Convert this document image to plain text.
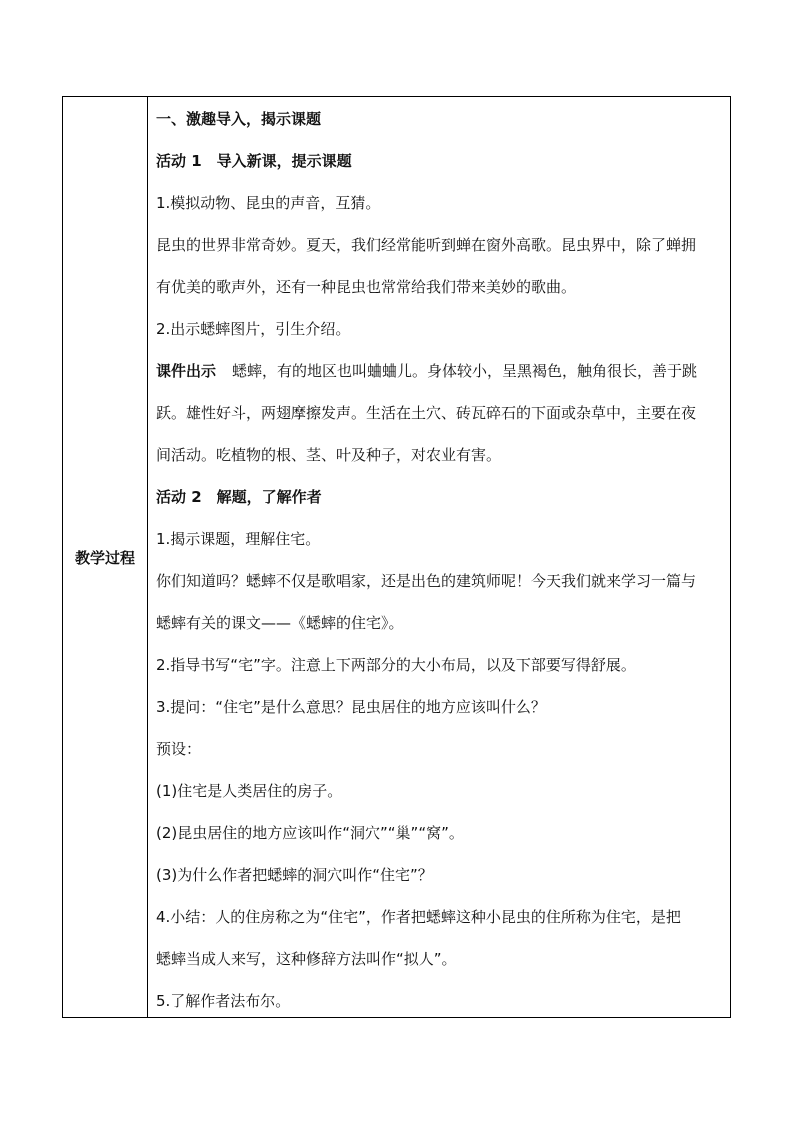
教学过程
一、激趣导入，揭示课题
活动 1　导入新课，提示课题
1.模拟动物、昆虫的声音，互猜。
昆虫的世界非常奇妙。夏天，我们经常能听到蝉在窗外高歌。昆虫界中，除了蝉拥
有优美的歌声外，还有一种昆虫也常常给我们带来美妙的歌曲。
2.出示蟋蟀图片，引生介绍。
课件出示 蟋蟀，有的地区也叫蛐蛐儿。身体较小，呈黑褐色，触角很长，善于跳
跃。雄性好斗，两翅摩擦发声。生活在土穴、砖瓦碎石的下面或杂草中，主要在夜
间活动。吃植物的根、茎、叶及种子，对农业有害。
活动 2　解题，了解作者
1.揭示课题，理解住宅。
你们知道吗？蟋蟀不仅是歌唱家，还是出色的建筑师呢！今天我们就来学习一篇与
蟋蟀有关的课文——《蟋蟀的住宅》。
2.指导书写“宅”字。注意上下两部分的大小布局，以及下部要写得舒展。
3.提问：“住宅”是什么意思？昆虫居住的地方应该叫什么？
预设：
(1)住宅是人类居住的房子。
(2)昆虫居住的地方应该叫作“洞穴”“巢”“窝”。
(3)为什么作者把蟋蟀的洞穴叫作“住宅”？
4.小结：人的住房称之为“住宅”，作者把蟋蟀这种小昆虫的住所称为住宅，是把
蟋蟀当成人来写，这种修辞方法叫作“拟人”。
5.了解作者法布尔。
